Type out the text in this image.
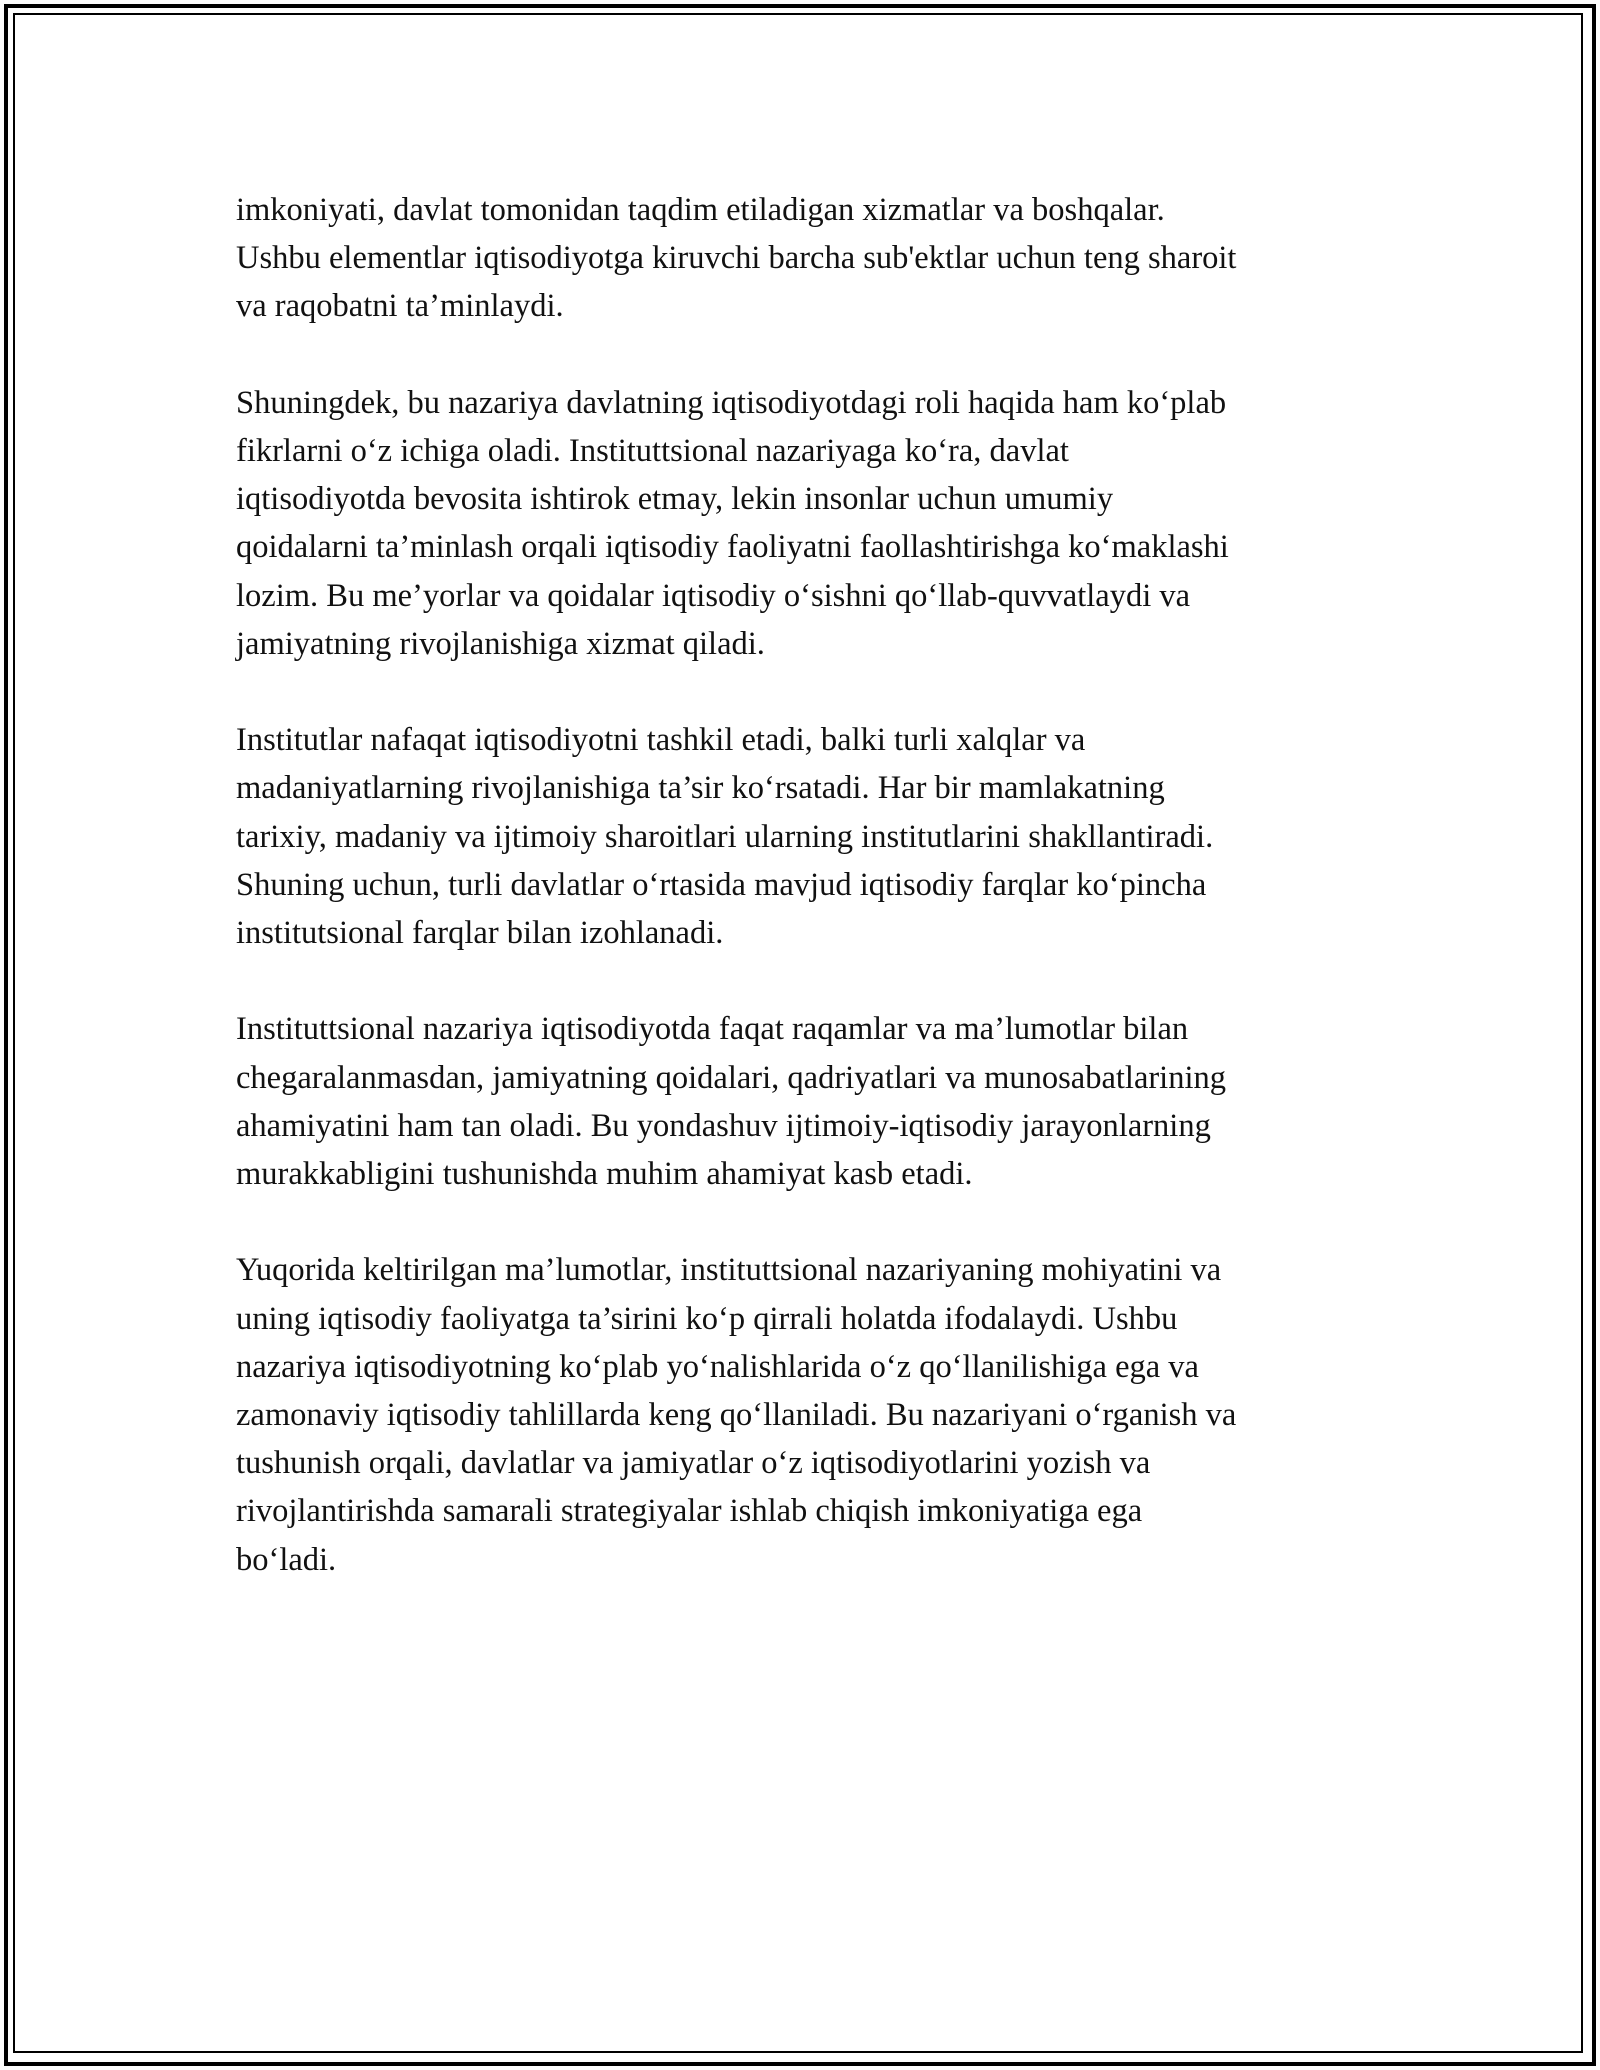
imkoniyati, davlat tomonidan taqdim etiladigan xizmatlar va boshqalar.
Ushbu elementlar iqtisodiyotga kiruvchi barcha sub'ektlar uchun teng sharoit
va raqobatni ta’minlaydi.

Shuningdek, bu nazariya davlatning iqtisodiyotdagi roli haqida ham ko‘plab
fikrlarni o‘z ichiga oladi. Instituttsional nazariyaga ko‘ra, davlat
iqtisodiyotda bevosita ishtirok etmay, lekin insonlar uchun umumiy
qoidalarni ta’minlash orqali iqtisodiy faoliyatni faollashtirishga ko‘maklashi
lozim. Bu me’yorlar va qoidalar iqtisodiy o‘sishni qo‘llab-quvvatlaydi va
jamiyatning rivojlanishiga xizmat qiladi.

Institutlar nafaqat iqtisodiyotni tashkil etadi, balki turli xalqlar va
madaniyatlarning rivojlanishiga ta’sir ko‘rsatadi. Har bir mamlakatning
tarixiy, madaniy va ijtimoiy sharoitlari ularning institutlarini shakllantiradi.
Shuning uchun, turli davlatlar o‘rtasida mavjud iqtisodiy farqlar ko‘pincha
institutsional farqlar bilan izohlanadi.

Instituttsional nazariya iqtisodiyotda faqat raqamlar va ma’lumotlar bilan
chegaralanmasdan, jamiyatning qoidalari, qadriyatlari va munosabatlarining
ahamiyatini ham tan oladi. Bu yondashuv ijtimoiy-iqtisodiy jarayonlarning
murakkabligini tushunishda muhim ahamiyat kasb etadi.

Yuqorida keltirilgan ma’lumotlar, instituttsional nazariyaning mohiyatini va
uning iqtisodiy faoliyatga ta’sirini ko‘p qirrali holatda ifodalaydi. Ushbu
nazariya iqtisodiyotning ko‘plab yo‘nalishlarida o‘z qo‘llanilishiga ega va
zamonaviy iqtisodiy tahlillarda keng qo‘llaniladi. Bu nazariyani o‘rganish va
tushunish orqali, davlatlar va jamiyatlar o‘z iqtisodiyotlarini yozish va
rivojlantirishda samarali strategiyalar ishlab chiqish imkoniyatiga ega
bo‘ladi.
